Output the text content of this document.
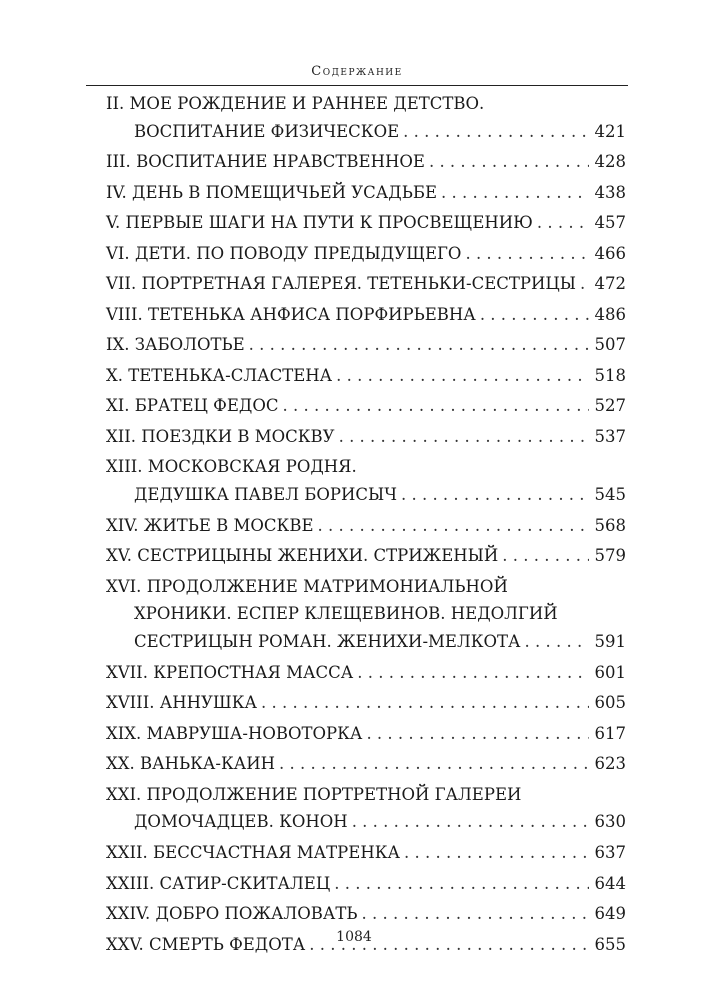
Содержание
II. МОЕ РОЖДЕНИЕ И РАННЕЕ ДЕТСТВО.
ВОСПИТАНИЕ ФИЗИЧЕСКОЕ . . .	421
III. ВОСПИТАНИЕ НРАВСТВЕННОЕ . . .	428
IV. ДЕНЬ В ПОМЕЩИЧЬЕЙ УСАДЬБЕ . . .	438
V. ПЕРВЫЕ ШАГИ НА ПУТИ К ПРОСВЕЩЕНИЮ . . .	457
VI. ДЕТИ. ПО ПОВОДУ ПРЕДЫДУЩЕГО . . .	466
VII. ПОРТРЕТНАЯ ГАЛЕРЕЯ. ТЕТЕНЬКИ-СЕСТРИЦЫ . . .	472
VIII. ТЕТЕНЬКА АНФИСА ПОРФИРЬЕВНА . . .	486
IX. ЗАБОЛОТЬЕ . . .	507
X. ТЕТЕНЬКА-СЛАСТЕНА . . .	518
XI. БРАТЕЦ ФЕДОС . . .	527
XII. ПОЕЗДКИ В МОСКВУ . . .	537
XIII. МОСКОВСКАЯ РОДНЯ.
ДЕДУШКА ПАВЕЛ БОРИСЫЧ . . .	545
XIV. ЖИТЬЕ В МОСКВЕ . . .	568
XV. СЕСТРИЦЫНЫ ЖЕНИХИ. СТРИЖЕНЫЙ . . .	579
XVI. ПРОДОЛЖЕНИЕ МАТРИМОНИАЛЬНОЙ
ХРОНИКИ. ЕСПЕР КЛЕЩЕВИНОВ. НЕДОЛГИЙ
СЕСТРИЦЫН РОМАН. ЖЕНИХИ-МЕЛКОТА . . .	591
XVII. КРЕПОСТНАЯ МАССА . . .	601
XVIII. АННУШКА . . .	605
XIX. МАВРУША-НОВОТОРКА . . .	617
XX. ВАНЬКА-КАИН . . .	623
XXI. ПРОДОЛЖЕНИЕ ПОРТРЕТНОЙ ГАЛЕРЕИ
ДОМОЧАДЦЕВ. КОНОН . . .	630
XXII. БЕССЧАСТНАЯ МАТРЕНКА . . .	637
XXIII. САТИР-СКИТАЛЕЦ . . .	644
XXIV. ДОБРО ПОЖАЛОВАТЬ . . .	649
XXV. СМЕРТЬ ФЕДОТА . . .	655
1084
